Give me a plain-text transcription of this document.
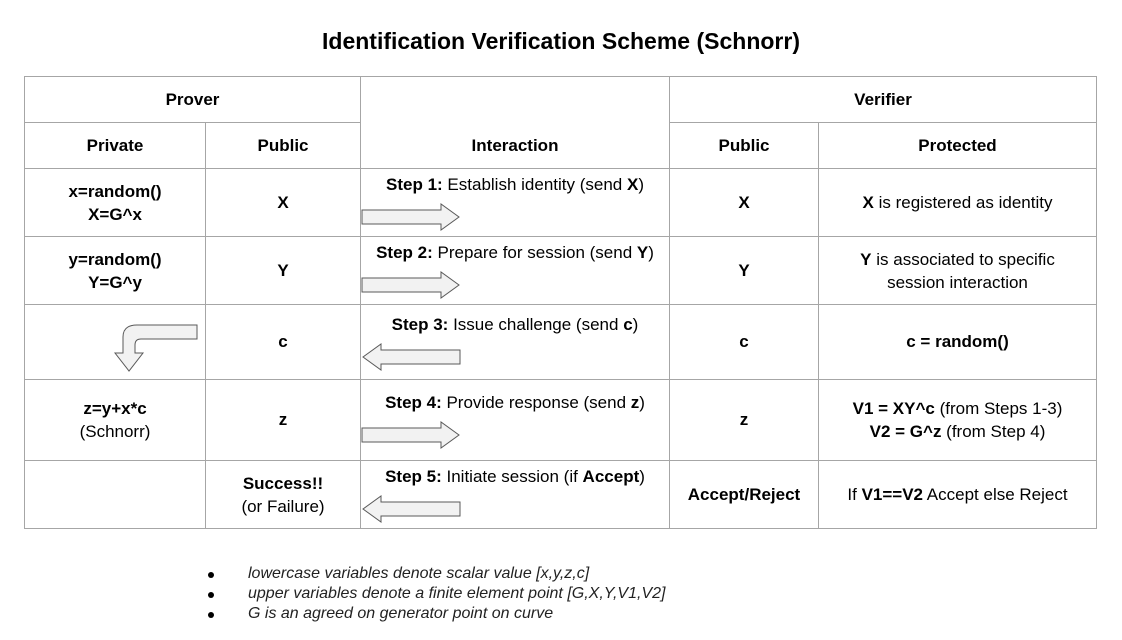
Identification Verification Scheme (Schnorr)
Prover		Interaction	Verifier	
Private	Public		Public	Protected

x=random()
X=G^x	X	Step 1: Establish identity (send X)	X	X is registered as identity

y=random()
Y=G^y	Y	Step 2: Prepare for session (send Y)	Y	Y is associated to specific
session interaction

	c	Step 3: Issue challenge (send c)	c	c = random()

z=y+x*c
(Schnorr)	z	Step 4: Provide response (send z)	z	V1 = XY^c (from Steps 1-3)
V2 = G^z (from Step 4)

	Success!!
(or Failure)	Step 5: Initiate session (if Accept)	Accept/Reject	If V1==V2 Accept else Reject
lowercase variables denote scalar value [x,y,z,c]
upper variables denote a finite element point [G,X,Y,V1,V2]
G is an agreed on generator point on curve
